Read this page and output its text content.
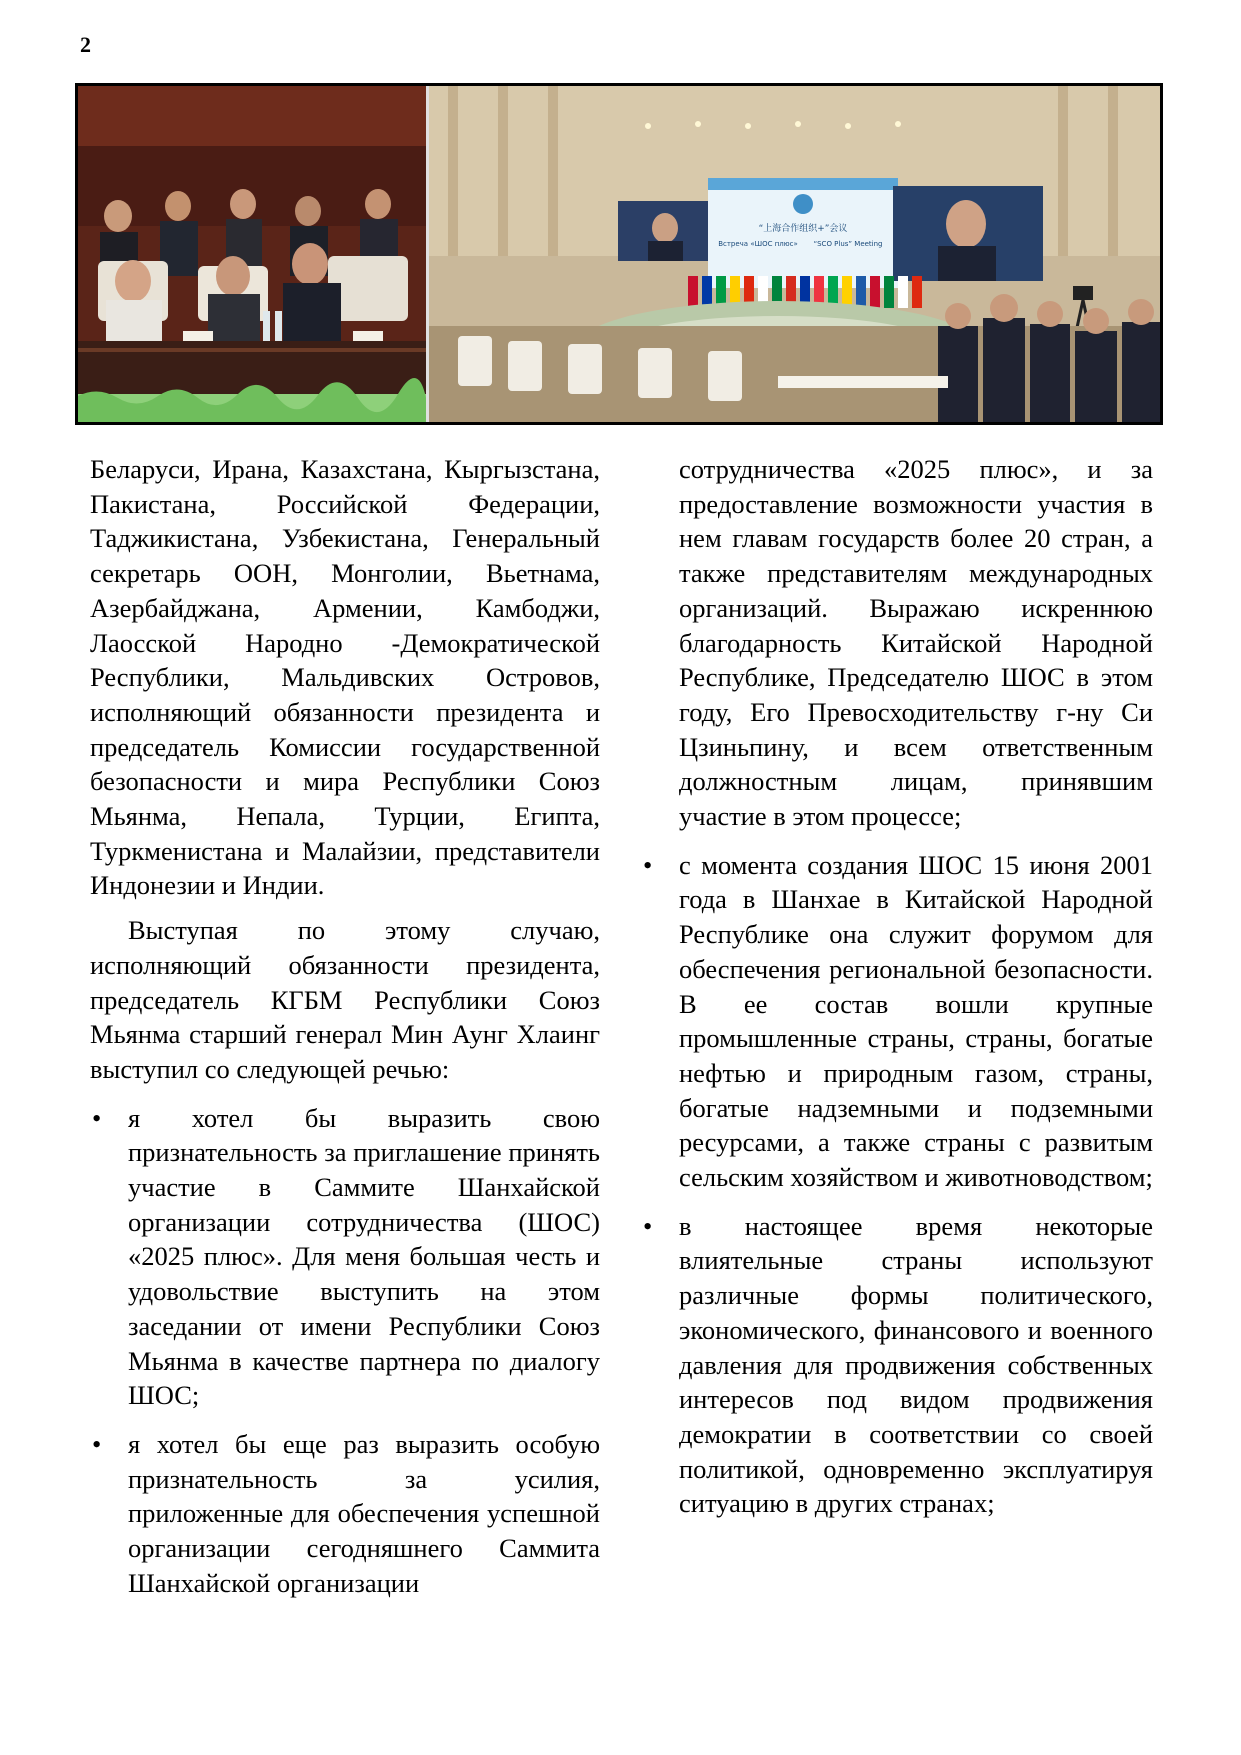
2
“上海合作组织+”会议
Встреча «ШОС плюс» “SCO Plus” Meeting

Беларуси, Ирана, Казахстана, Кыргызстана, Пакистана, Российской Федерации, Таджикистана, Узбекистана, Генеральный секретарь ООН, Монголии, Вьетнама, Азербайджана, Армении, Камбоджи, Лаосской Народно -Демократической Республики, Мальдивских Островов, исполняющий обязанности президента и председатель Комиссии государственной безопасности и мира Республики Союз Мьянма, Непала, Турции, Египта, Туркменистана и Малайзии, представители Индонезии и Индии.

Выступая по этому случаю, исполняющий обязанности президента, председатель КГБМ Республики Союз Мьянма старший генерал Мин Аунг Хлаинг выступил со следующей речью:

• я хотел бы выразить свою признательность за приглашение принять участие в Саммите Шанхайской организации сотрудничества (ШОС) «2025 плюс». Для меня большая честь и удовольствие выступить на этом заседании от имени Республики Союз Мьянма в качестве партнера по диалогу ШОС;
• я хотел бы еще раз выразить особую признательность за усилия, приложенные для обеспечения успешной организации сегодняшнего Саммита Шанхайской организации

сотрудничества «2025 плюс», и за предоставление возможности участия в нем главам государств более 20 стран, а также представителям международных организаций. Выражаю искреннюю благодарность Китайской Народной Республике, Председателю ШОС в этом году, Его Превосходительству г-ну Си Цзиньпину, и всем ответственным должностным лицам, принявшим участие в этом процессе;

• с момента создания ШОС 15 июня 2001 года в Шанхае в Китайской Народной Республике она служит форумом для обеспечения региональной безопасности. В ее состав вошли крупные промышленные страны, страны, богатые нефтью и природным газом, страны, богатые надземными и подземными ресурсами, а также страны с развитым сельским хозяйством и животноводством;
• в настоящее время некоторые влиятельные страны используют различные формы политического, экономического, финансового и военного давления для продвижения собственных интересов под видом продвижения демократии в соответствии со своей политикой, одновременно эксплуатируя ситуацию в других странах;
